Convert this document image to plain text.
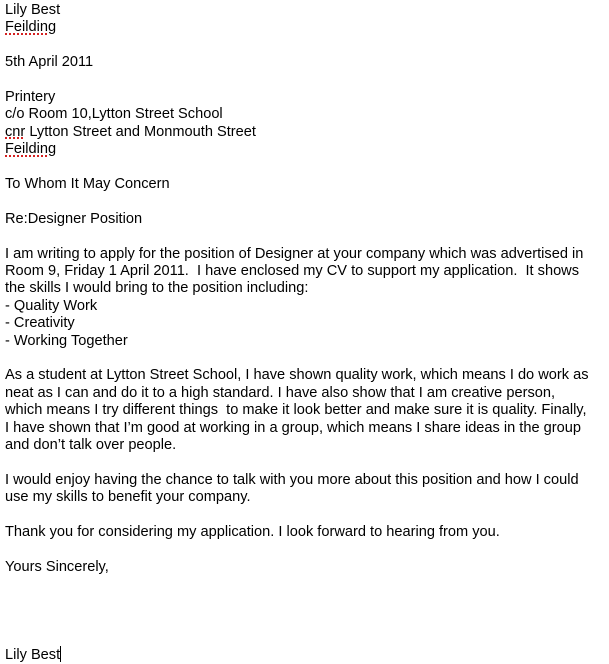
Lily Best
Feilding
5th April 2011
Printery
c/o Room 10,Lytton Street School
cnr Lytton Street and Monmouth Street
Feilding
To Whom It May Concern
Re:Designer Position
I am writing to apply for the position of Designer at your company which was advertised in
Room 9, Friday 1 April 2011.  I have enclosed my CV to support my application.  It shows
the skills I would bring to the position including:
- Quality Work
- Creativity
- Working Together
As a student at Lytton Street School, I have shown quality work, which means I do work as
neat as I can and do it to a high standard. I have also show that I am creative person,
which means I try different things  to make it look better and make sure it is quality. Finally,
I have shown that I’m good at working in a group, which means I share ideas in the group
and don’t talk over people.
I would enjoy having the chance to talk with you more about this position and how I could
use my skills to benefit your company.
Thank you for considering my application. I look forward to hearing from you.
Yours Sincerely,
Lily Best
